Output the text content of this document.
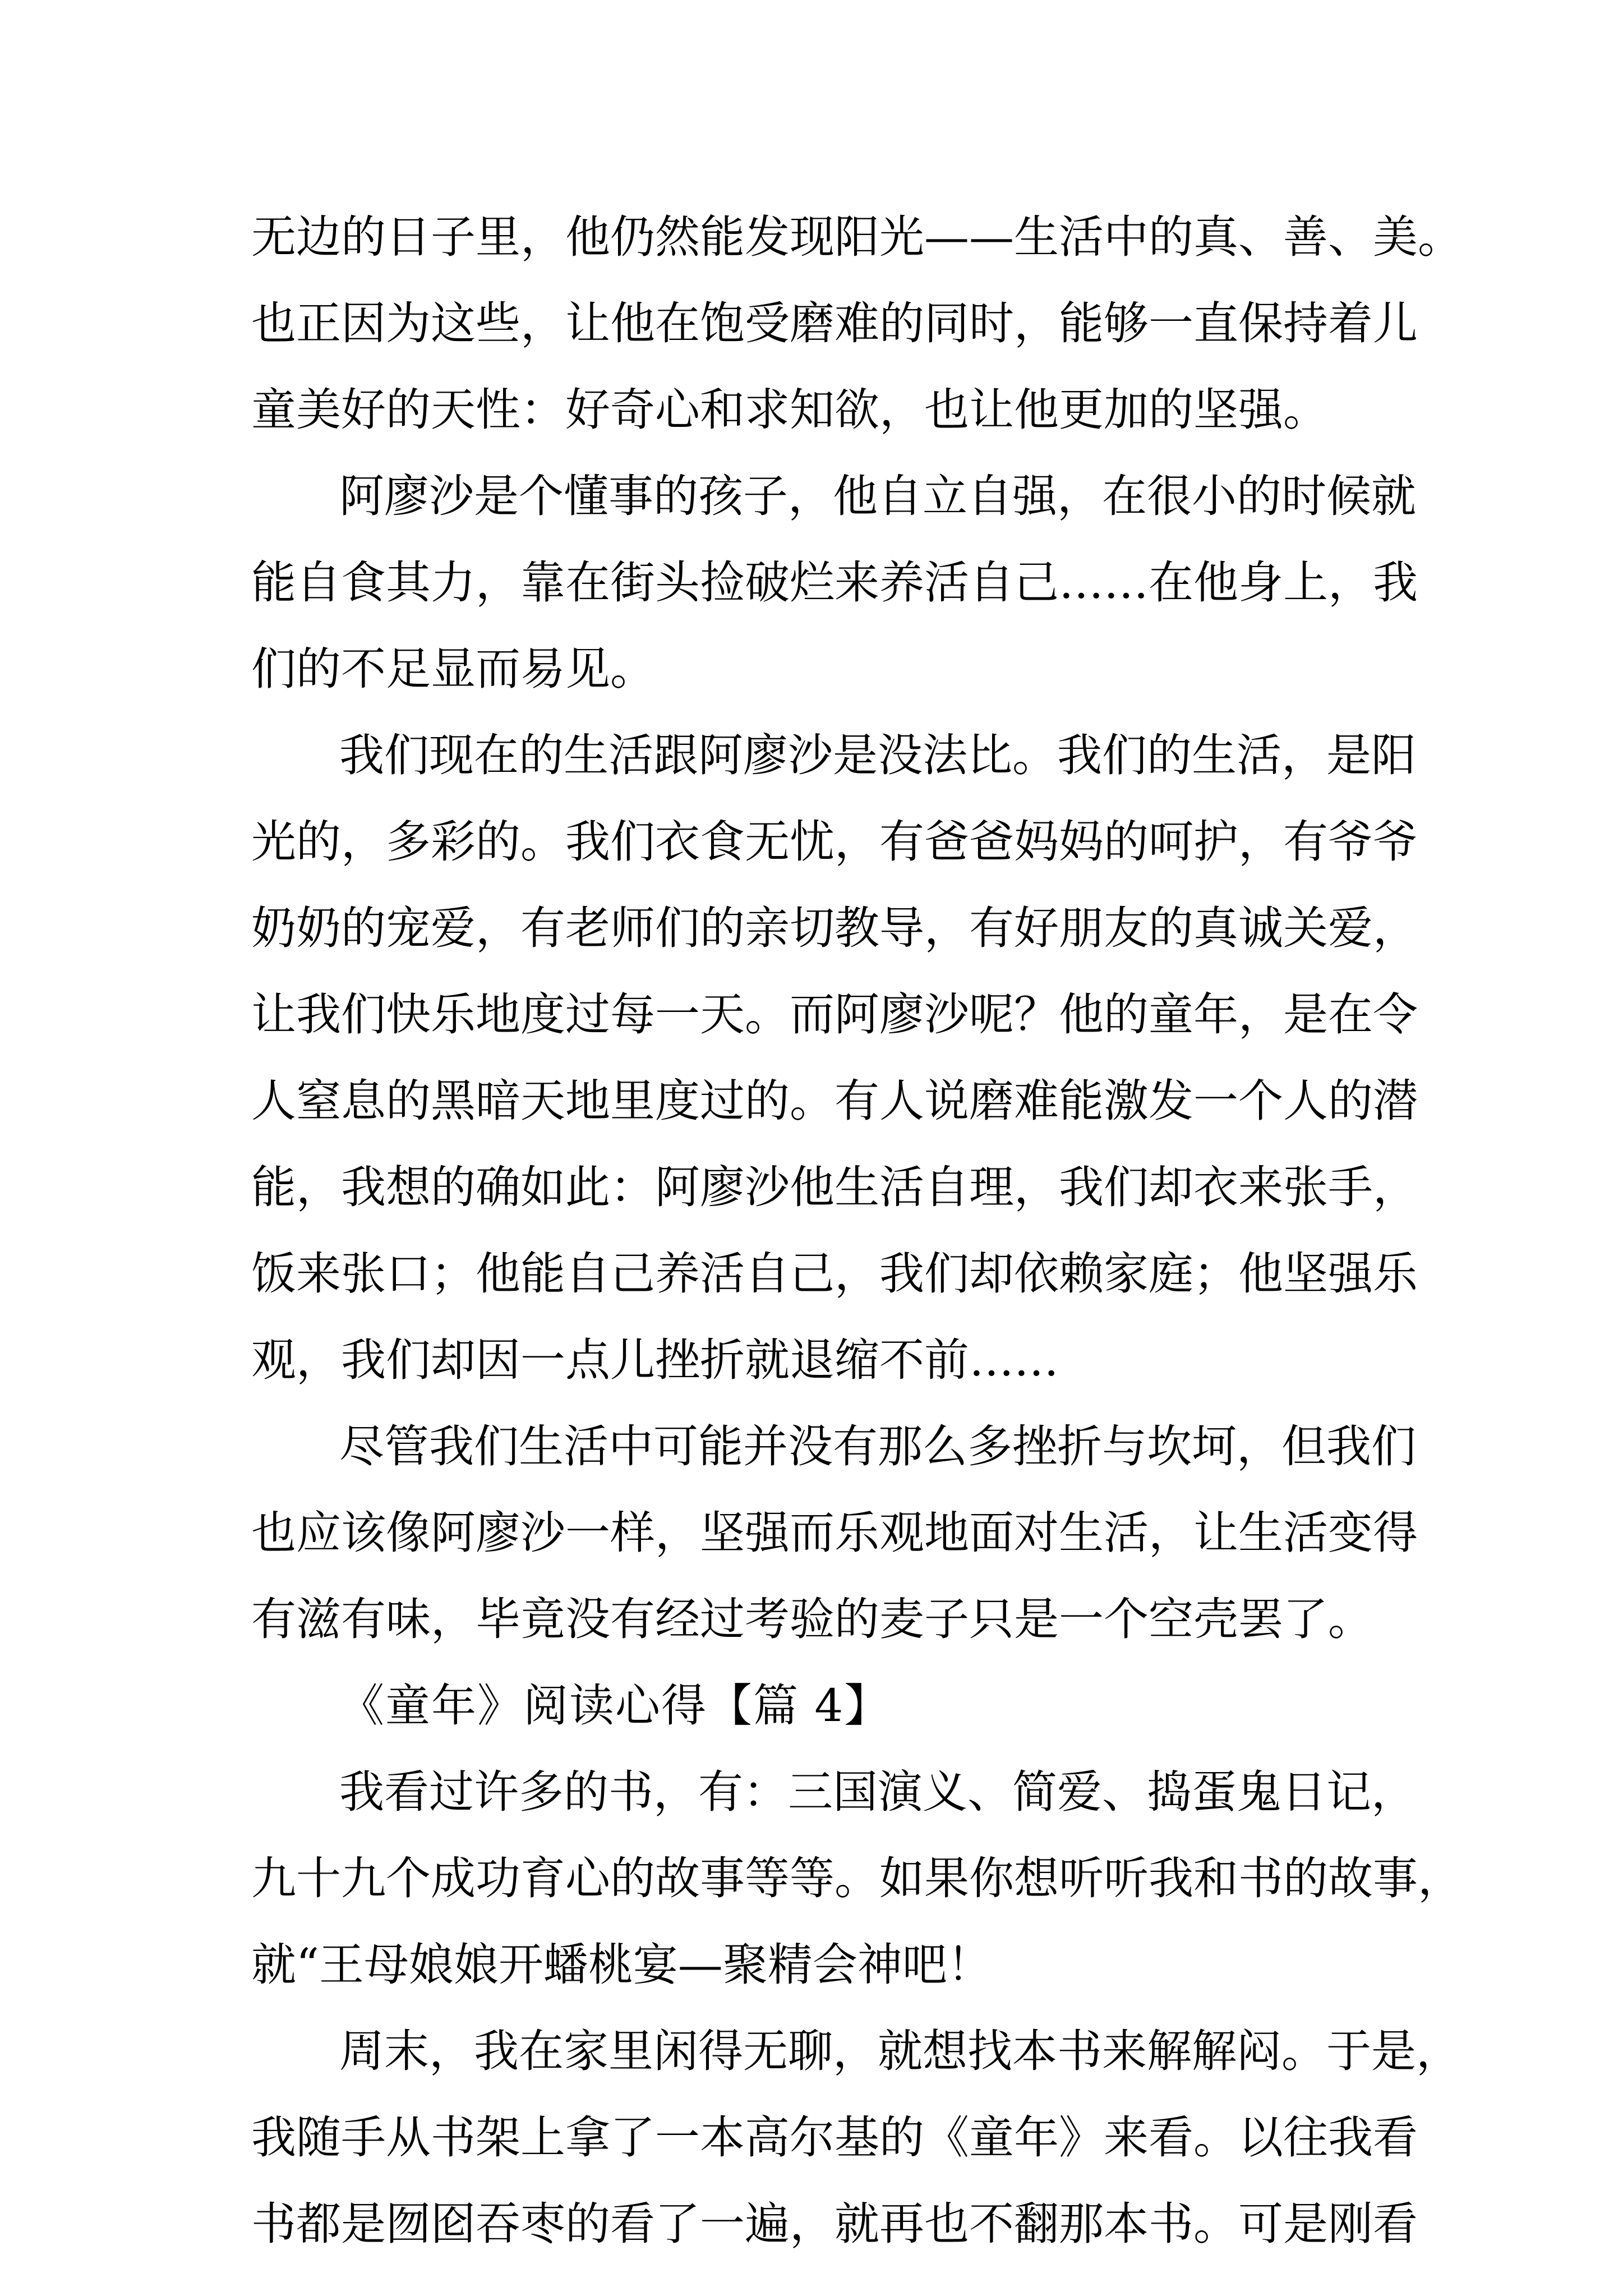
无边的日子里，他仍然能发现阳光——生活中的真、善、美。
也正因为这些，让他在饱受磨难的同时，能够一直保持着儿
童美好的天性：好奇心和求知欲，也让他更加的坚强。
阿廖沙是个懂事的孩子，他自立自强，在很小的时候就
能自食其力，靠在街头捡破烂来养活自己……在他身上，我
们的不足显而易见。
我们现在的生活跟阿廖沙是没法比。我们的生活，是阳
光的，多彩的。我们衣食无忧，有爸爸妈妈的呵护，有爷爷
奶奶的宠爱，有老师们的亲切教导，有好朋友的真诚关爱，
让我们快乐地度过每一天。而阿廖沙呢？他的童年，是在令
人窒息的黑暗天地里度过的。有人说磨难能激发一个人的潜
能，我想的确如此：阿廖沙他生活自理，我们却衣来张手，
饭来张口；他能自己养活自己，我们却依赖家庭；他坚强乐
观，我们却因一点儿挫折就退缩不前……
尽管我们生活中可能并没有那么多挫折与坎坷，但我们
也应该像阿廖沙一样，坚强而乐观地面对生活，让生活变得
有滋有味，毕竟没有经过考验的麦子只是一个空壳罢了。
《童年》阅读心得【篇 4】
我看过许多的书，有：三国演义、简爱、捣蛋鬼日记，
九十九个成功育心的故事等等。如果你想听听我和书的故事，
就“王母娘娘开蟠桃宴—聚精会神吧！
周末，我在家里闲得无聊，就想找本书来解解闷。于是，
我随手从书架上拿了一本高尔基的《童年》来看。以往我看
书都是囫囵吞枣的看了一遍，就再也不翻那本书。可是刚看
